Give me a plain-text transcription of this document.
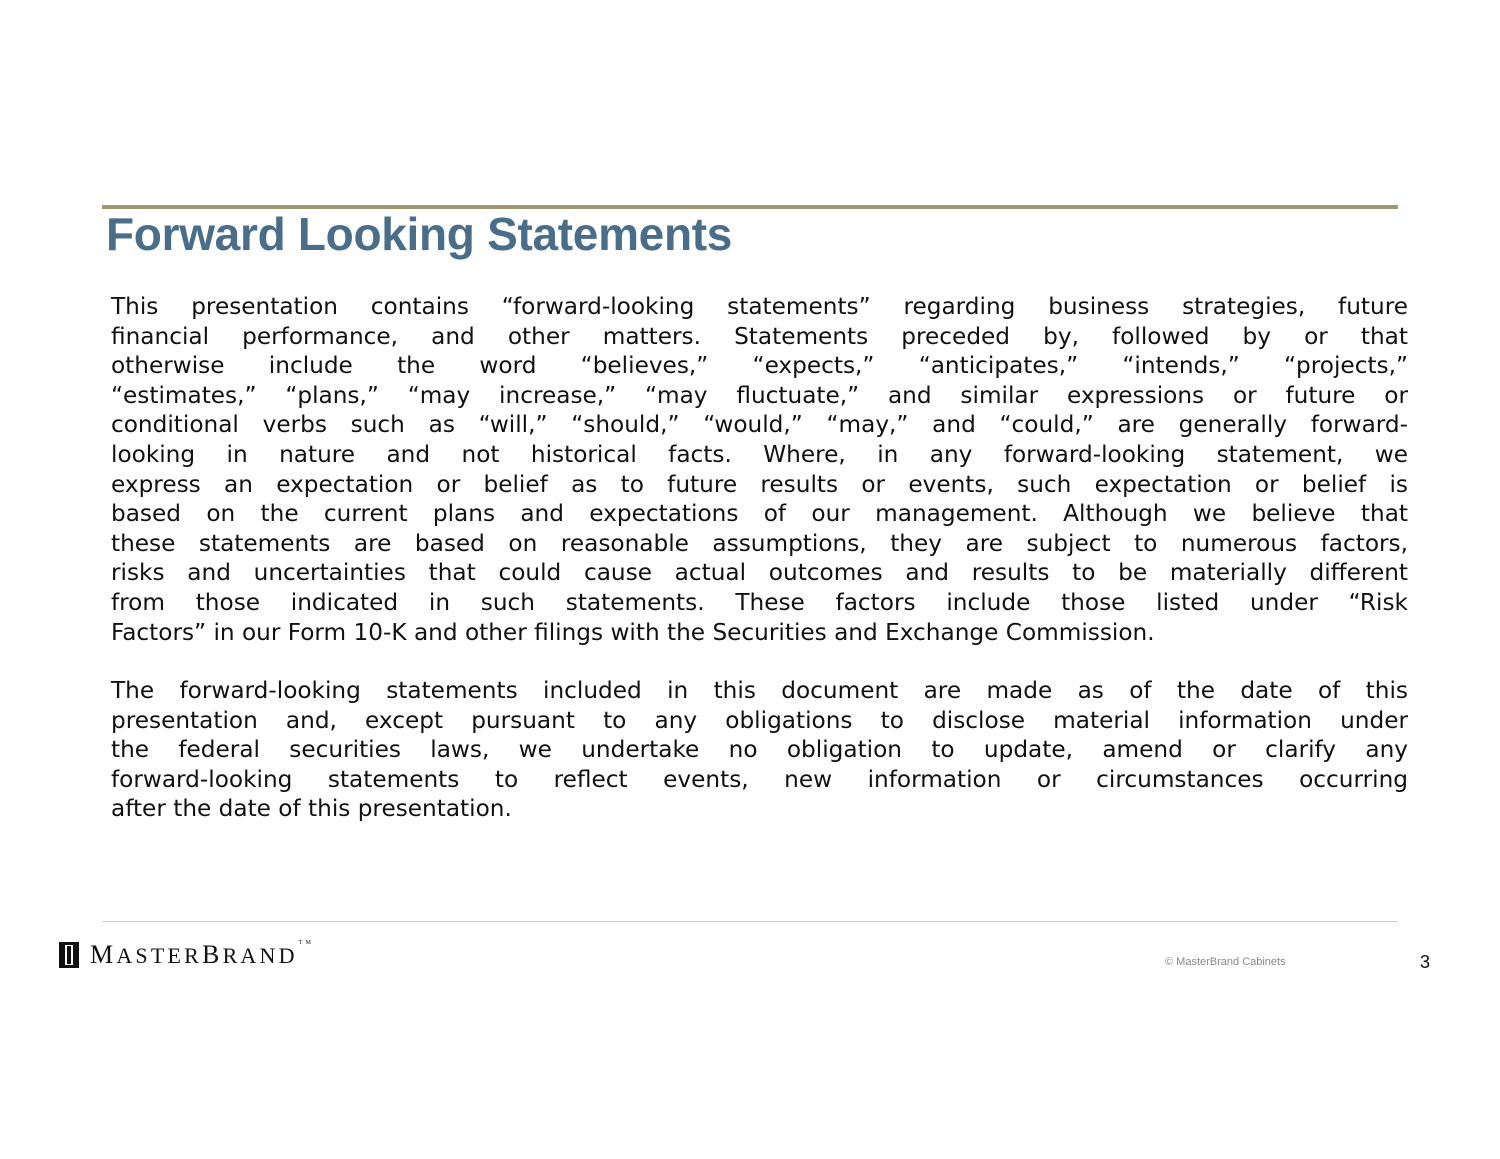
Forward Looking Statements
This presentation contains “forward-looking statements” regarding business strategies, future
financial performance, and other matters. Statements preceded by, followed by or that
otherwise include the word “believes,” “expects,” “anticipates,” “intends,” “projects,”
“estimates,” “plans,” “may increase,” “may fluctuate,” and similar expressions or future or
conditional verbs such as “will,” “should,” “would,” “may,” and “could,” are generally forward-
looking in nature and not historical facts. Where, in any forward-looking statement, we
express an expectation or belief as to future results or events, such expectation or belief is
based on the current plans and expectations of our management. Although we believe that
these statements are based on reasonable assumptions, they are subject to numerous factors,
risks and uncertainties that could cause actual outcomes and results to be materially different
from those indicated in such statements. These factors include those listed under “Risk
Factors” in our Form 10-K and other filings with the Securities and Exchange Commission.
The forward-looking statements included in this document are made as of the date of this
presentation and, except pursuant to any obligations to disclose material information under
the federal securities laws, we undertake no obligation to update, amend or clarify any
forward-looking statements to reflect events, new information or circumstances occurring
after the date of this presentation.
MASTERBRAND™
© MasterBrand Cabinets	3
